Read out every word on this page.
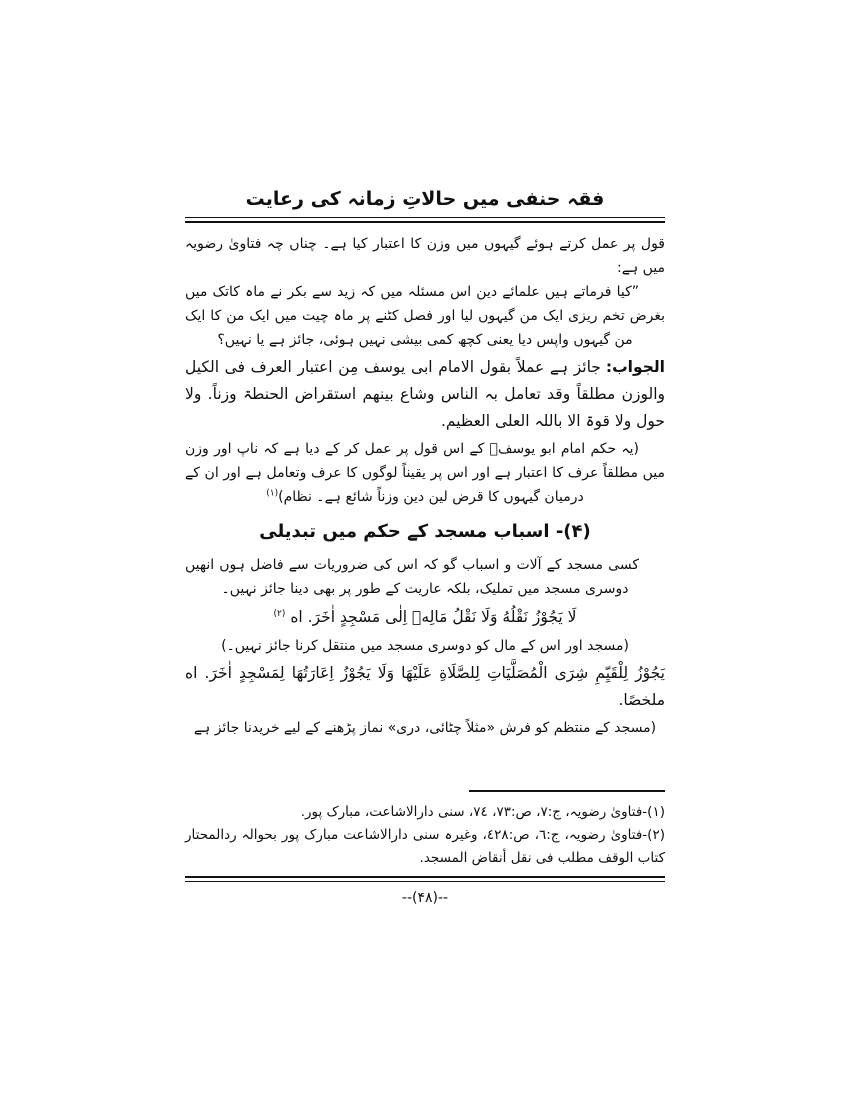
فقہ حنفی میں حالاتِ زمانہ کی رعایت

قول پر عمل کرتے ہوئے گیہوں میں وزن کا اعتبار کیا ہے۔ چناں چہ فتاویٰ رضویہ میں ہے:

”کیا فرماتے ہیں علمائے دین اس مسئلہ میں کہ زید سے بکر نے ماہ کاتک میں بغرض تخم ریزی ایک من گیہوں لیا اور فصل کٹنے پر ماہ چیت میں ایک من کا ایک من گیہوں واپس دیا یعنی کچھ کمی بیشی نہیں ہوئی، جائز ہے یا نہیں؟

الجواب:جائز ہے عملاً بقول الامام ابی یوسف مِن اعتبار العرف فی الکیل والوزن مطلقاً وقد تعامل بہ الناس وشاع بینھم استقراض الحنطۃ وزناً. ولا حول ولا قوۃ الا باللہ العلی العظیم.

(یہ حکم امام ابو یوسفؒ کے اس قول پر عمل کر کے دیا ہے کہ ناپ اور وزن میں مطلقاً عرف کا اعتبار ہے اور اس پر یقیناً لوگوں کا عرف وتعامل ہے اور ان کے درمیان گیہوں کا قرض لین دین وزناً شائع ہے۔ نظام)$^{(۱)}$

(۴)- اسباب مسجد کے حکم میں تبدیلی

کسی مسجد کے آلات و اسباب گو کہ اس کی ضروریات سے فاضل ہوں انھیں دوسری مسجد میں تملیک، بلکہ عاریت کے طور پر بھی دینا جائز نہیں۔

لَا يَجُوْزُ نَقْلُهُ وَلَا نَقْلُ مَالِهٖ اِلٰى مَسْجِدٍ اٰخَرَ. اه $^{(۲)}$

(مسجد اور اس کے مال کو دوسری مسجد میں منتقل کرنا جائز نہیں۔)

يَجُوْزُ لِلْقَيِّمِ شِرَى الْمُصَلَّيَاتِ لِلصَّلَاةِ عَلَيْهَا وَلَا يَجُوْزُ اِعَارَتُهَا لِمَسْجِدٍ اٰخَرَ. اه ملخصًا.

(مسجد کے منتظم کو فرش «مثلاً چٹائی، دری» نماز پڑھنے کے لیے خریدنا جائز ہے

(١)-فتاویٰ رضویہ، ج:٧، ص:٧٣، ٧٤، سنی دارالاشاعت، مبارک پور.

(٢)-فتاویٰ رضویہ، ج:٦، ص:٤٢٨، وغیرہ سنی دارالاشاعت مبارک پور بحوالہ ردالمحتار کتاب الوقف مطلب فی نقل أنقاض المسجد.

--(۴۸)--
